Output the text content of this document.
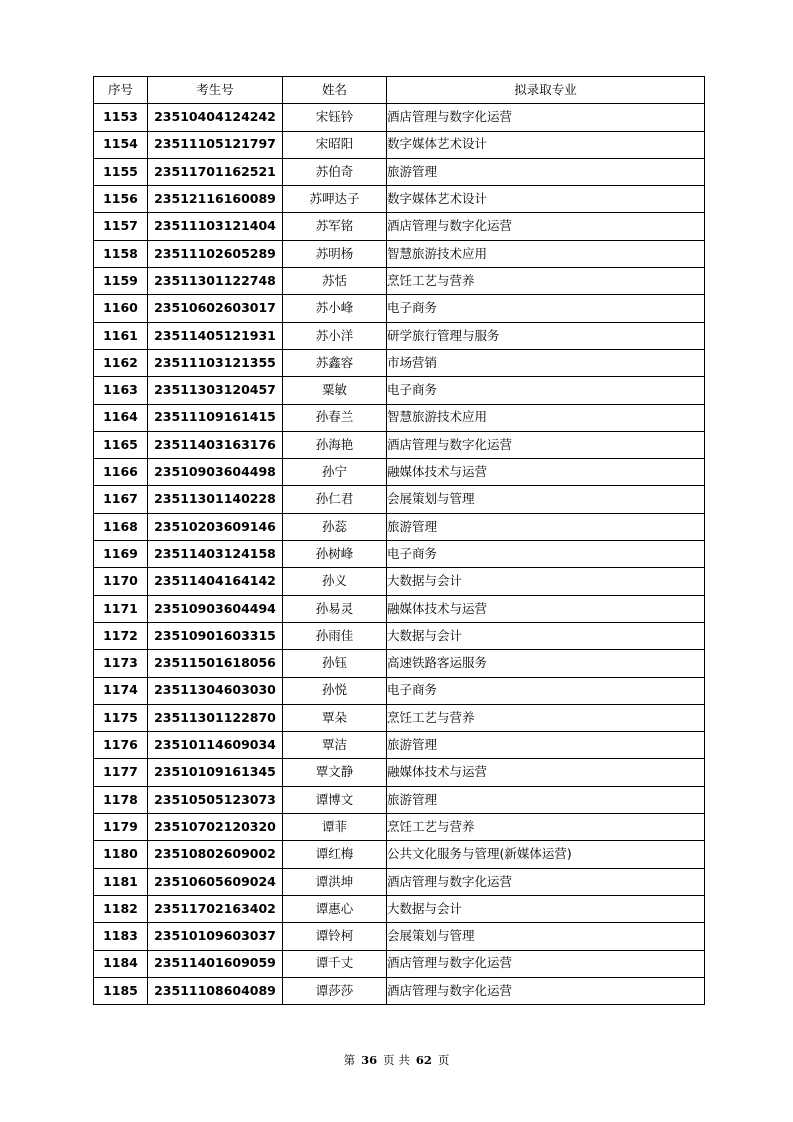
序号	考生号	姓名	拟录取专业
1153	23510404124242	宋钰钤	酒店管理与数字化运营
1154	23511105121797	宋昭阳	数字媒体艺术设计
1155	23511701162521	苏伯奇	旅游管理
1156	23512116160089	苏呷达子	数字媒体艺术设计
1157	23511103121404	苏军铭	酒店管理与数字化运营
1158	23511102605289	苏明杨	智慧旅游技术应用
1159	23511301122748	苏恬	烹饪工艺与营养
1160	23510602603017	苏小峰	电子商务
1161	23511405121931	苏小洋	研学旅行管理与服务
1162	23511103121355	苏鑫容	市场营销
1163	23511303120457	粟敏	电子商务
1164	23511109161415	孙春兰	智慧旅游技术应用
1165	23511403163176	孙海艳	酒店管理与数字化运营
1166	23510903604498	孙宁	融媒体技术与运营
1167	23511301140228	孙仁君	会展策划与管理
1168	23510203609146	孙蕊	旅游管理
1169	23511403124158	孙树峰	电子商务
1170	23511404164142	孙义	大数据与会计
1171	23510903604494	孙易灵	融媒体技术与运营
1172	23510901603315	孙雨佳	大数据与会计
1173	23511501618056	孙钰	高速铁路客运服务
1174	23511304603030	孙悦	电子商务
1175	23511301122870	覃朵	烹饪工艺与营养
1176	23510114609034	覃洁	旅游管理
1177	23510109161345	覃文静	融媒体技术与运营
1178	23510505123073	谭博文	旅游管理
1179	23510702120320	谭菲	烹饪工艺与营养
1180	23510802609002	谭红梅	公共文化服务与管理(新媒体运营)
1181	23510605609024	谭洪坤	酒店管理与数字化运营
1182	23511702163402	谭惠心	大数据与会计
1183	23510109603037	谭铃柯	会展策划与管理
1184	23511401609059	谭千丈	酒店管理与数字化运营
1185	23511108604089	谭莎莎	酒店管理与数字化运营
第 36 页 共 62 页
